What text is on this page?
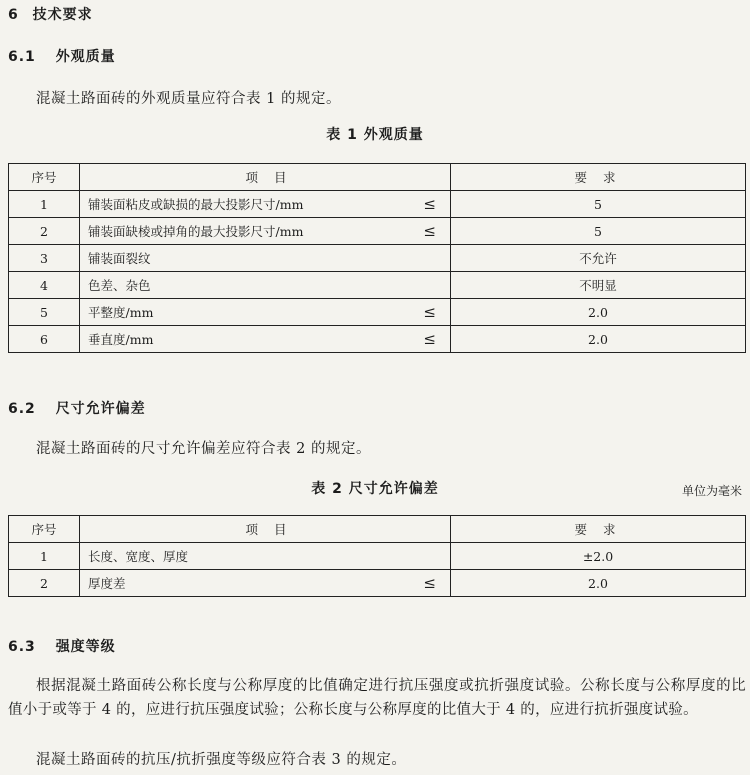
6 技术要求
6.1 外观质量
混凝土路面砖的外观质量应符合表 1 的规定。
表 1 外观质量
序号	项 目	要 求
1	铺装面粘皮或缺损的最大投影尺寸/mm ≤	5
2	铺装面缺棱或掉角的最大投影尺寸/mm ≤	5
3	铺装面裂纹	不允许
4	色差、杂色	不明显
5	平整度/mm ≤	2.0
6	垂直度/mm ≤	2.0
6.2 尺寸允许偏差
混凝土路面砖的尺寸允许偏差应符合表 2 的规定。
表 2 尺寸允许偏差	单位为毫米
序号	项 目	要 求
1	长度、宽度、厚度	±2.0
2	厚度差 ≤	2.0
6.3 强度等级
根据混凝土路面砖公称长度与公称厚度的比值确定进行抗压强度或抗折强度试验。公称长度与公称厚度的比值小于或等于 4 的，应进行抗压强度试验；公称长度与公称厚度的比值大于 4 的，应进行抗折强度试验。
混凝土路面砖的抗压/抗折强度等级应符合表 3 的规定。
